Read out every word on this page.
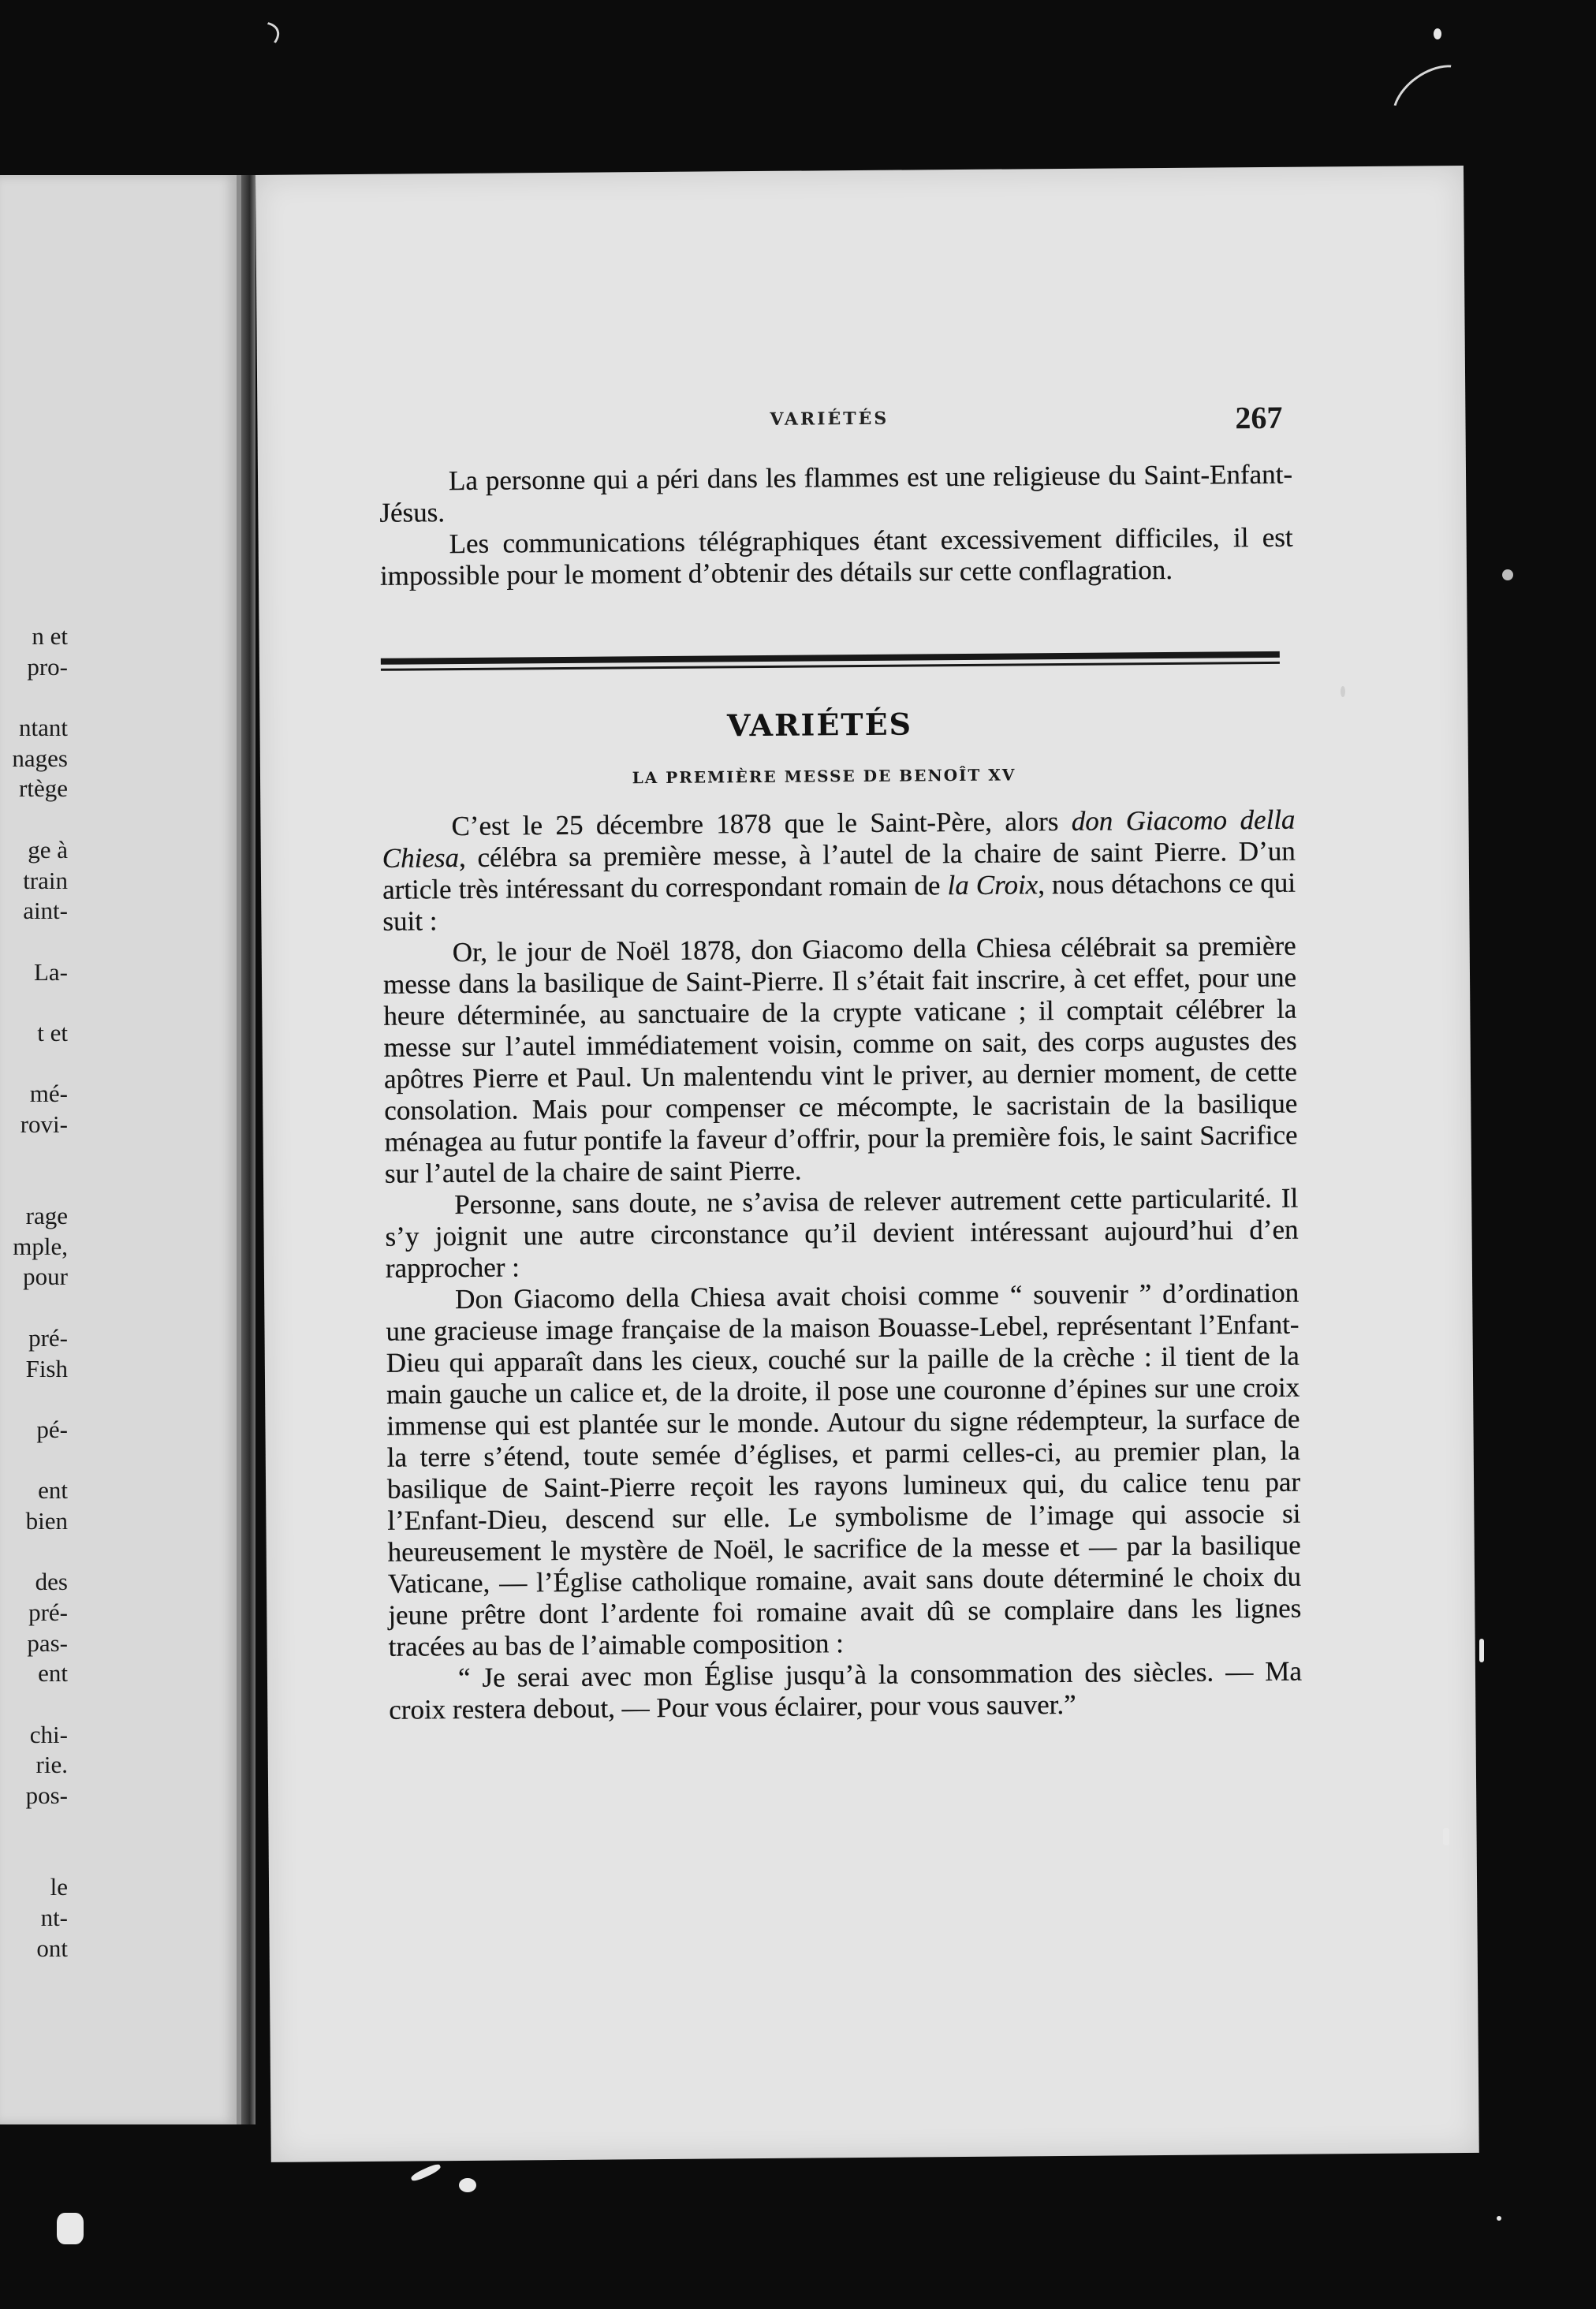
n et
pro-
ntant
nages
rtège
ge à
train
aint-
La-
t et
mé-
rovi-
rage
mple,
pour
pré-
Fish
pé-
ent
bien
des
pré-
pas-
ent
chi-
rie.
pos-
le
nt-
ont
VARIÉTÉS	267

La personne qui a péri dans les flammes est une religieuse du Saint-Enfant-Jésus.

Les communications télégraphiques étant excessivement difficiles, il est impossible pour le moment d’obtenir des détails sur cette conflagration.

VARIÉTÉS
LA PREMIÈRE MESSE DE BENOÎT XV

C’est le 25 décembre 1878 que le Saint-Père, alors don Giacomo della Chiesa, célébra sa première messe, à l’autel de la chaire de saint Pierre. D’un article très intéressant du correspondant romain de la Croix, nous détachons ce qui suit :

Or, le jour de Noël 1878, don Giacomo della Chiesa célébrait sa première messe dans la basilique de Saint-Pierre. Il s’était fait inscrire, à cet effet, pour une heure déterminée, au sanctuaire de la crypte vaticane ; il comptait célébrer la messe sur l’autel immédiatement voisin, comme on sait, des corps augustes des apôtres Pierre et Paul. Un malentendu vint le priver, au dernier moment, de cette consolation. Mais pour compenser ce mécompte, le sacristain de la basilique ménagea au futur pontife la faveur d’offrir, pour la première fois, le saint Sacrifice sur l’autel de la chaire de saint Pierre.

Personne, sans doute, ne s’avisa de relever autrement cette particularité. Il s’y joignit une autre circonstance qu’il devient intéressant aujourd’hui d’en rapprocher :

Don Giacomo della Chiesa avait choisi comme “ souvenir ” d’ordination une gracieuse image française de la maison Bouasse-Lebel, représentant l’Enfant-Dieu qui apparaît dans les cieux, couché sur la paille de la crèche : il tient de la main gauche un calice et, de la droite, il pose une couronne d’épines sur une croix immense qui est plantée sur le monde. Autour du signe rédempteur, la surface de la terre s’étend, toute semée d’églises, et parmi celles-ci, au premier plan, la basilique de Saint-Pierre reçoit les rayons lumineux qui, du calice tenu par l’Enfant-Dieu, descend sur elle. Le symbolisme de l’image qui associe si heureusement le mystère de Noël, le sacrifice de la messe et — par la basilique Vaticane, — l’Église catholique romaine, avait sans doute déterminé le choix du jeune prêtre dont l’ardente foi romaine avait dû se complaire dans les lignes tracées au bas de l’aimable composition :

“ Je serai avec mon Église jusqu’à la consommation des siècles. — Ma croix restera debout, — Pour vous éclairer, pour vous sauver.”
